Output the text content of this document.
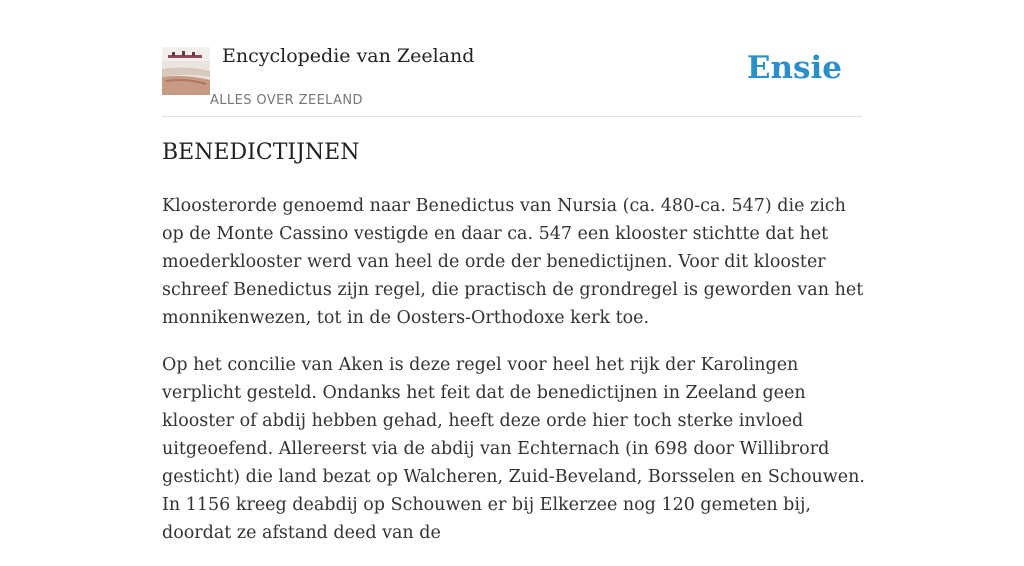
Encyclopedie van Zeeland
ALLES OVER ZEELAND
Ensie
BENEDICTIJNEN

Kloosterorde genoemd naar Benedictus van Nursia (ca. 480-ca. 547) die zich op de Monte Cassino vestigde en daar ca. 547 een klooster stichtte dat het moederklooster werd van heel de orde der benedictijnen. Voor dit klooster schreef Benedictus zijn regel, die practisch de grondregel is geworden van het monnikenwezen, tot in de Oosters-Orthodoxe kerk toe.

Op het concilie van Aken is deze regel voor heel het rijk der Karolingen verplicht gesteld. Ondanks het feit dat de benedictijnen in Zeeland geen klooster of abdij hebben gehad, heeft deze orde hier toch sterke invloed uitgeoefend. Allereerst via de abdij van Echternach (in 698 door Willibrord gesticht) die land bezat op Walcheren, Zuid-Beveland, Borsselen en Schouwen. In 1156 kreeg deabdij op Schouwen er bij Elkerzee nog 120 gemeten bij, doordat ze afstand deed van de
